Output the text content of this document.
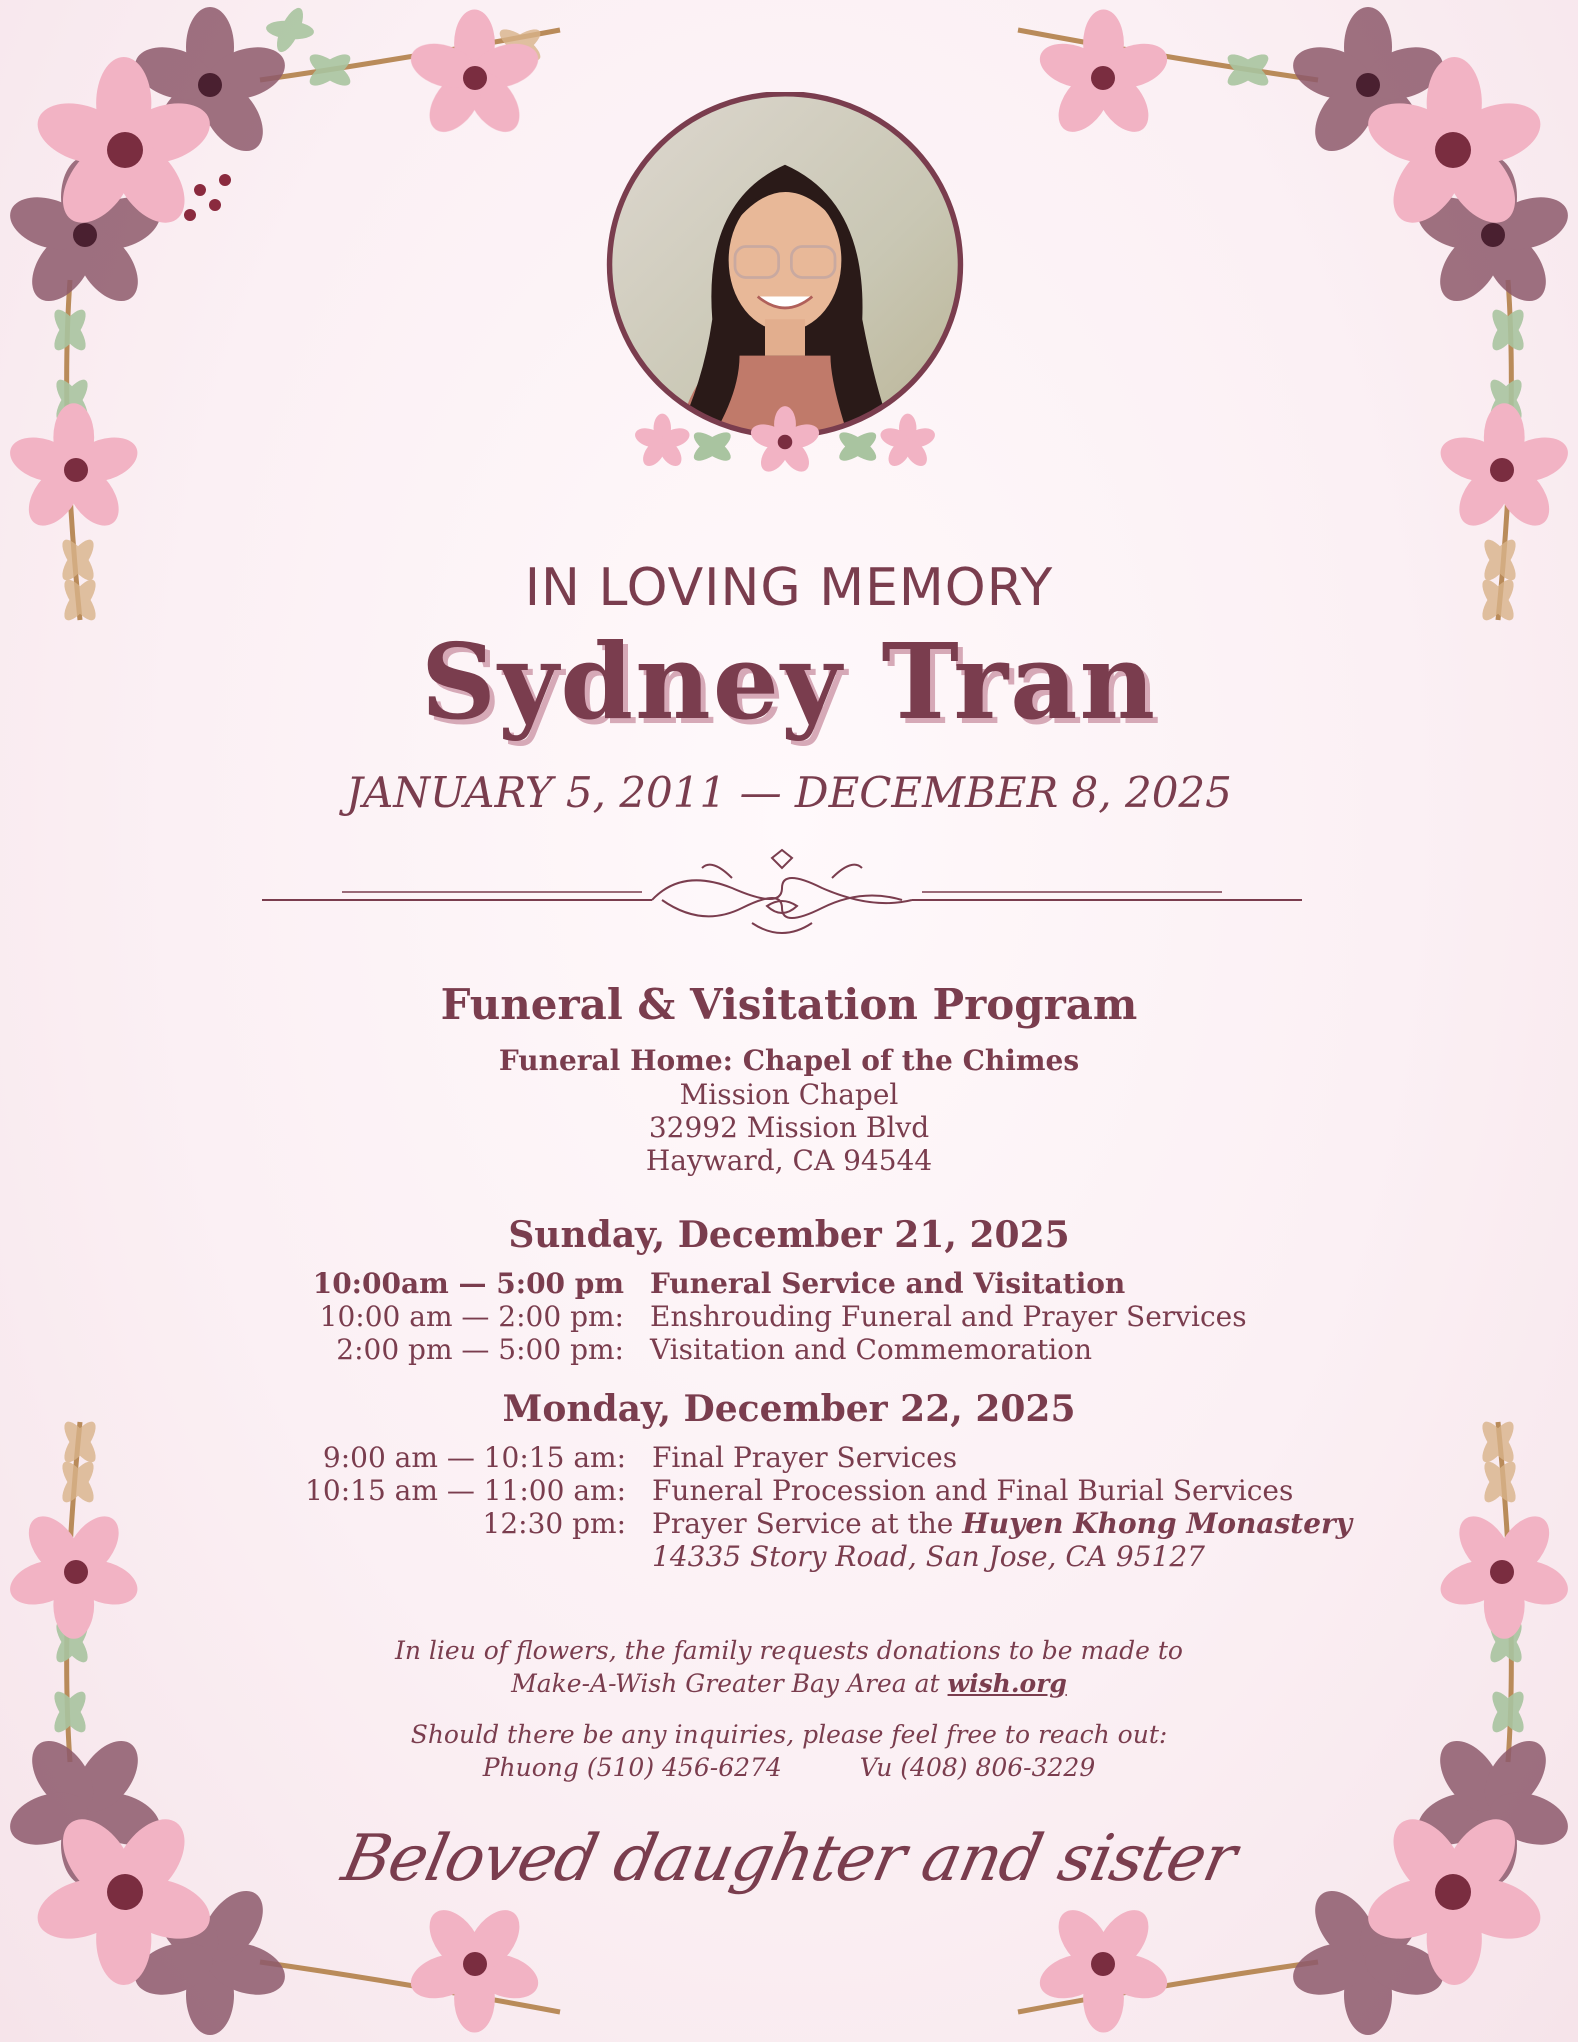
IN LOVING MEMORY
Sydney Tran
JANUARY 5, 2011 — DECEMBER 8, 2025
Funeral & Visitation Program
Funeral Home: Chapel of the Chimes
Mission Chapel
32992 Mission Blvd
Hayward, CA 94544
Sunday, December 21, 2025
10:00am — 5:00 pm Funeral Service and Visitation
10:00 am — 2:00 pm: Enshrouding Funeral and Prayer Services
2:00 pm — 5:00 pm: Visitation and Commemoration
Monday, December 22, 2025
9:00 am — 10:15 am: Final Prayer Services
10:15 am — 11:00 am: Funeral Procession and Final Burial Services
12:30 pm: Prayer Service at the Huyen Khong Monastery
14335 Story Road, San Jose, CA 95127
In lieu of flowers, the family requests donations to be made to
Make-A-Wish Greater Bay Area at wish.org
Should there be any inquiries, please feel free to reach out:
Phuong (510) 456-6274	Vu (408) 806-3229
Beloved daughter and sister
